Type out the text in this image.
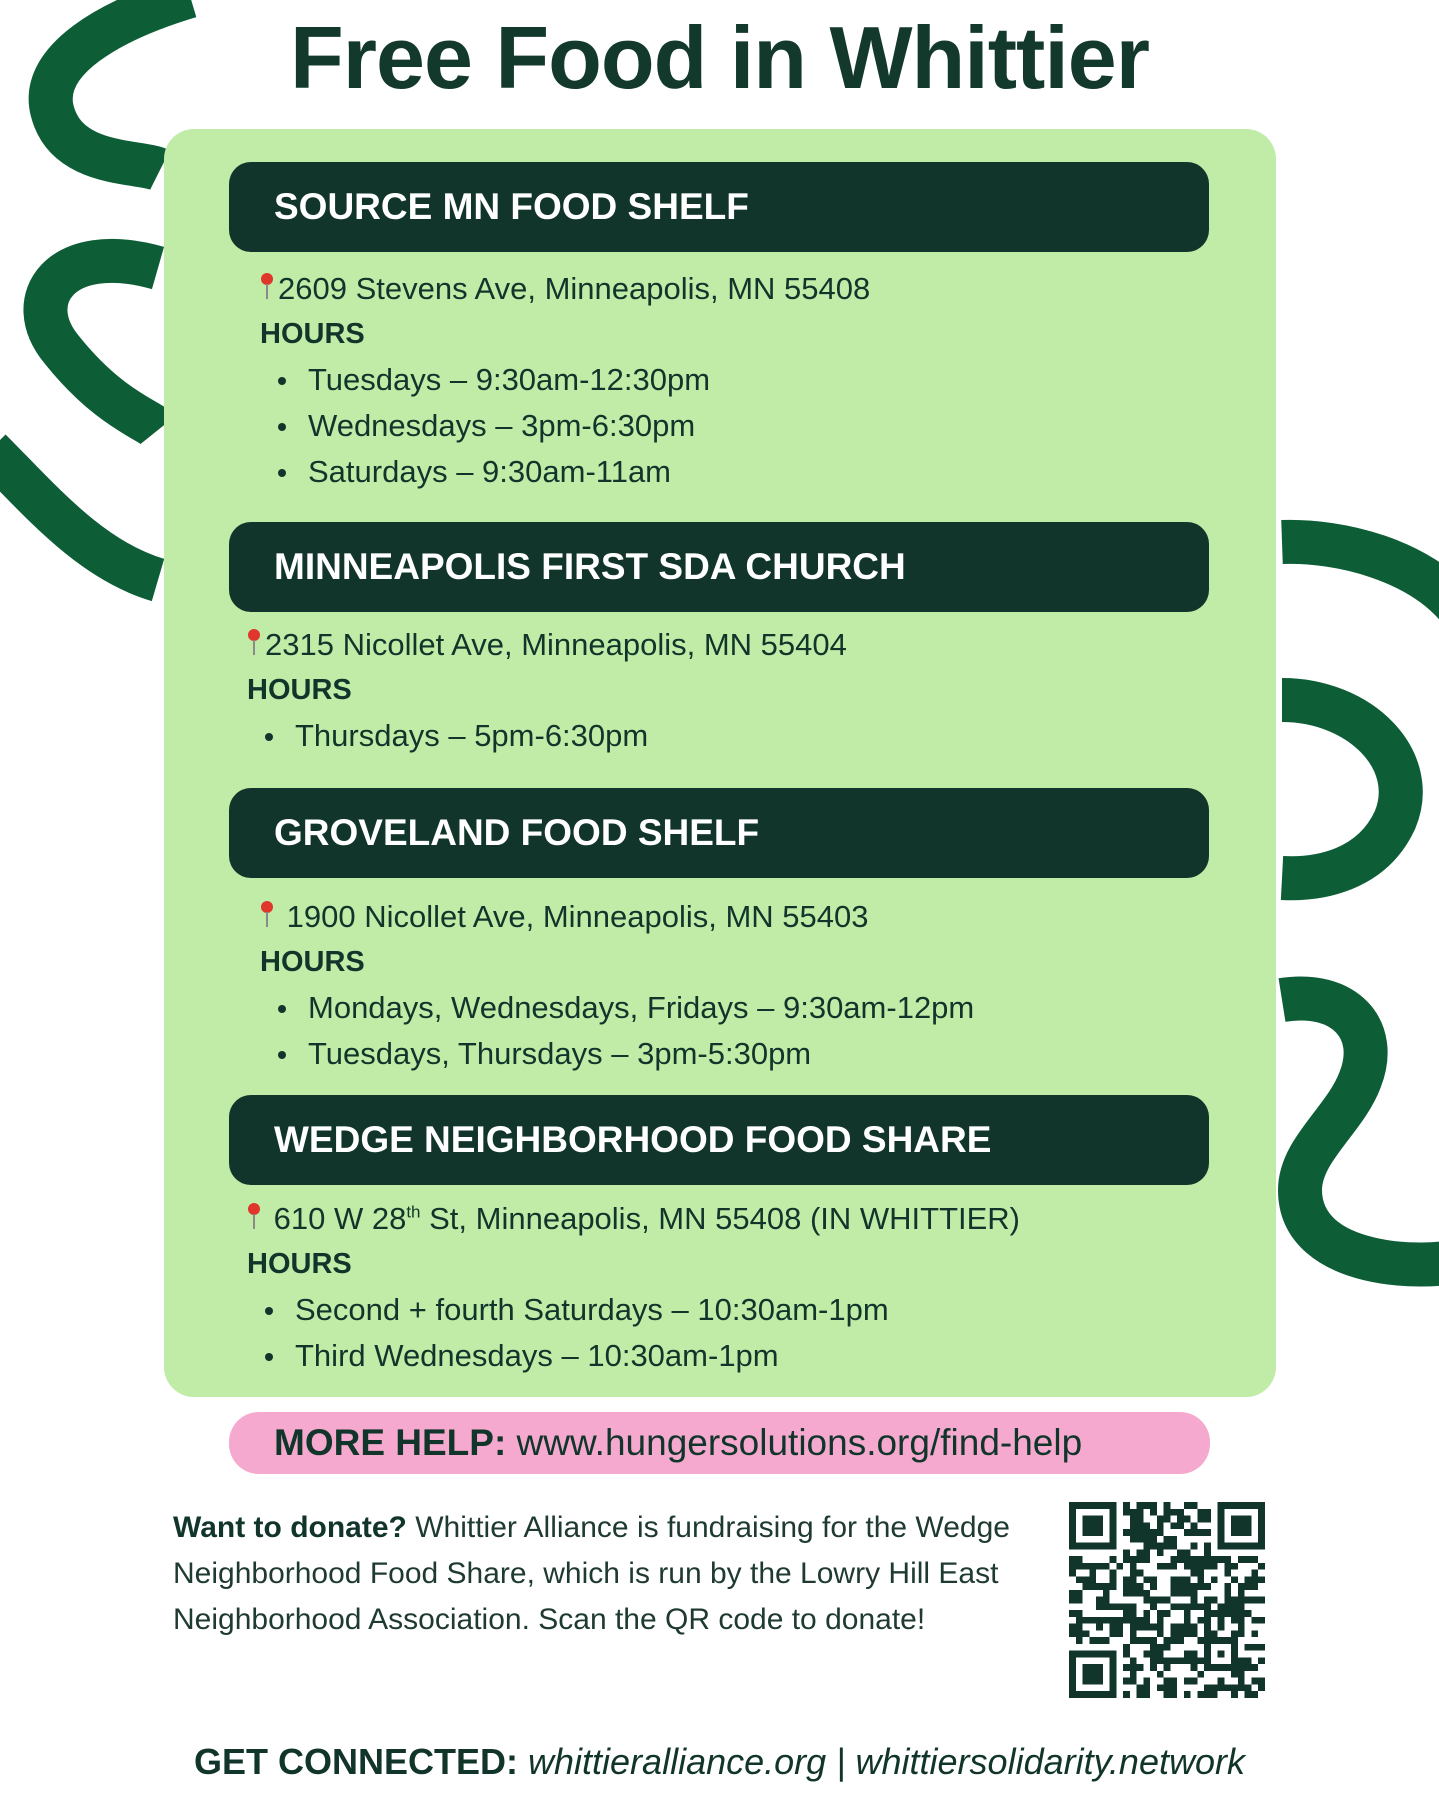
Free Food in Whittier
SOURCE MN FOOD SHELF
2609 Stevens Ave, Minneapolis, MN 55408
HOURS
Tuesdays – 9:30am-12:30pm
Wednesdays – 3pm-6:30pm
Saturdays – 9:30am-11am
MINNEAPOLIS FIRST SDA CHURCH
2315 Nicollet Ave, Minneapolis, MN 55404
HOURS
Thursdays – 5pm-6:30pm
GROVELAND FOOD SHELF
1900 Nicollet Ave, Minneapolis, MN 55403
HOURS
Mondays, Wednesdays, Fridays – 9:30am-12pm
Tuesdays, Thursdays – 3pm-5:30pm
WEDGE NEIGHBORHOOD FOOD SHARE
610 W 28th St, Minneapolis, MN 55408 (IN WHITTIER)
HOURS
Second + fourth Saturdays – 10:30am-1pm
Third Wednesdays – 10:30am-1pm
MORE HELP: www.hungersolutions.org/find-help
Want to donate? Whittier Alliance is fundraising for the Wedge Neighborhood Food Share, which is run by the Lowry Hill East Neighborhood Association. Scan the QR code to donate!
GET CONNECTED: whittieralliance.org | whittiersolidarity.network
